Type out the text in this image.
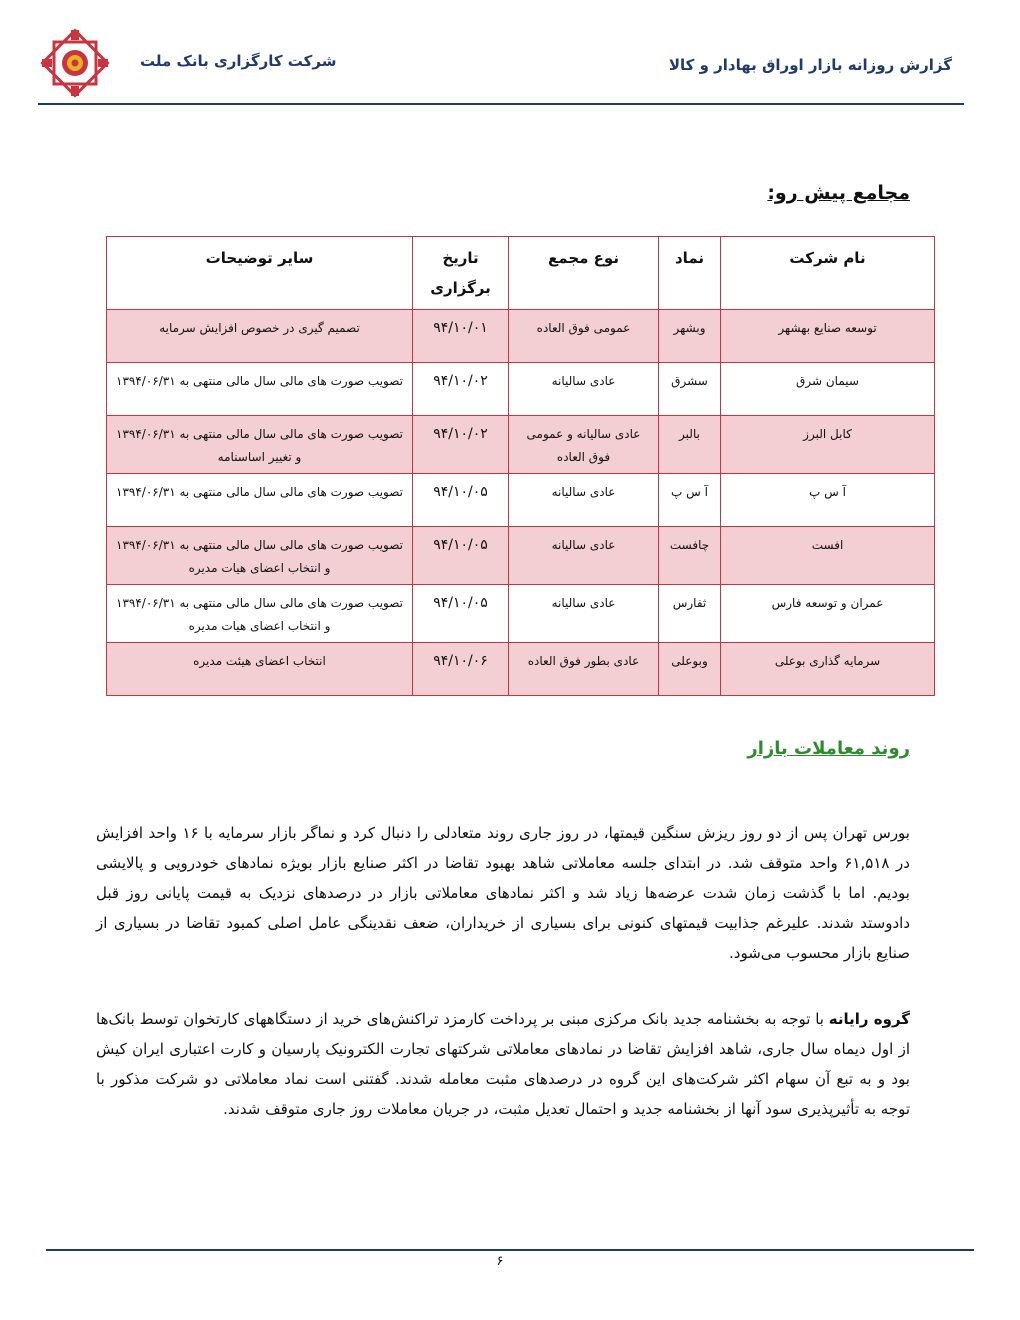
شرکت کارگزاری بانک ملت	گزارش روزانه بازار اوراق بهادار و کالا
مجامع پیش رو:
نام شرکت	نماد	نوع مجمع	تاریخ برگزاری	سایر توضیحات
توسعه صنایع بهشهر	وبشهر	عمومی فوق العاده	۹۴/۱۰/۰۱	تصمیم گیری در خصوص افزایش سرمایه
سیمان شرق	سشرق	عادی سالیانه	۹۴/۱۰/۰۲	تصویب صورت های مالی سال مالی منتهی به ۱۳۹۴/۰۶/۳۱
کابل البرز	بالبر	عادی سالیانه و عمومی فوق العاده	۹۴/۱۰/۰۲	تصویب صورت های مالی سال مالی منتهی به ۱۳۹۴/۰۶/۳۱ و تغییر اساسنامه
آ س پ	آ س پ	عادی سالیانه	۹۴/۱۰/۰۵	تصویب صورت های مالی سال مالی منتهی به ۱۳۹۴/۰۶/۳۱
افست	چافست	عادی سالیانه	۹۴/۱۰/۰۵	تصویب صورت های مالی سال مالی منتهی به ۱۳۹۴/۰۶/۳۱ و انتخاب اعضای هیات مدیره
عمران و توسعه فارس	ثفارس	عادی سالیانه	۹۴/۱۰/۰۵	تصویب صورت های مالی سال مالی منتهی به ۱۳۹۴/۰۶/۳۱ و انتخاب اعضای هیات مدیره
سرمایه گذاری بوعلی	وبوعلی	عادی بطور فوق العاده	۹۴/۱۰/۰۶	انتخاب اعضای هیئت مدیره
روند معاملات بازار

بورس تهران پس از دو روز ریزش سنگین قیمتها، در روز جاری روند متعادلی را دنبال کرد و نماگر بازار سرمایه با ۱۶ واحد افزایش در ۶۱,۵۱۸ واحد متوقف شد. در ابتدای جلسه معاملاتی شاهد بهبود تقاضا در اکثر صنایع بازار بویژه نمادهای خودرویی و پالایشی بودیم. اما با گذشت زمان شدت عرضه‌ها زیاد شد و اکثر نمادهای معاملاتی بازار در درصدهای نزدیک به قیمت پایانی روز قبل دادوستد شدند. علیرغم جذابیت قیمتهای کنونی برای بسیاری از خریداران، ضعف نقدینگی عامل اصلی کمبود تقاضا در بسیاری از صنایع بازار محسوب می‌شود.

گروه رایانه با توجه به بخشنامه جدید بانک مرکزی مبنی بر پرداخت کارمزد تراکنش‌های خرید از دستگاههای کارتخوان توسط بانک‌ها از اول دیماه سال جاری، شاهد افزایش تقاضا در نمادهای معاملاتی شرکتهای تجارت الکترونیک پارسیان و کارت اعتباری ایران کیش بود و به تبع آن سهام اکثر شرکت‌های این گروه در درصدهای مثبت معامله شدند. گفتنی است نماد معاملاتی دو شرکت مذکور با توجه به تأثیرپذیری سود آنها از بخشنامه جدید و احتمال تعدیل مثبت، در جریان معاملات روز جاری متوقف شدند.

۶
